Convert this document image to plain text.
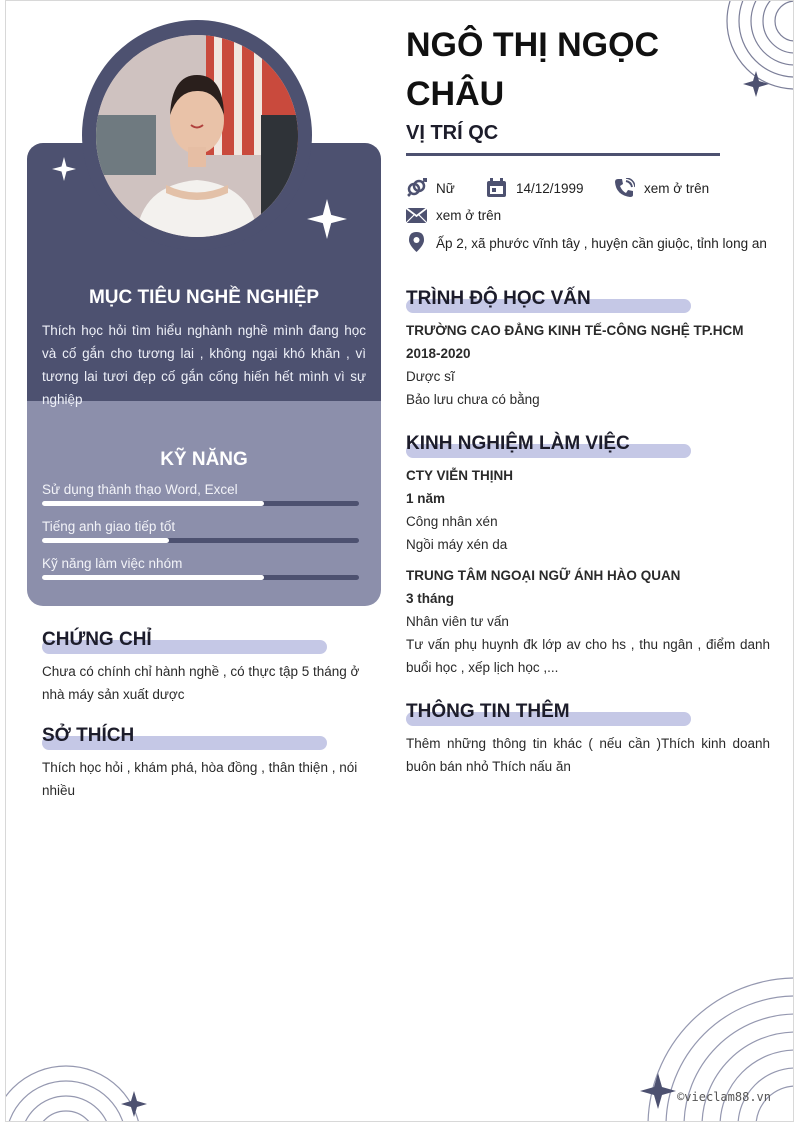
MỤC TIÊU NGHỀ NGHIỆP
Thích học hỏi tìm hiểu nghành nghề mình đang học và cố gắn cho tương lai , không ngại khó khăn , vì tương lai tươi đẹp cố gắn cống hiến hết mình vì sự nghiệp
KỸ NĂNG
Sử dụng thành thạo Word, Excel
Tiếng anh giao tiếp tốt
Kỹ năng làm việc nhóm
CHỨNG CHỈ
Chưa có chính chỉ hành nghề , có thực tập 5 tháng ở nhà máy sản xuất dược
SỞ THÍCH
Thích học hỏi , khám phá, hòa đồng , thân thiện , nói nhiều
NGÔ THỊ NGỌC CHÂU
VỊ TRÍ QC
Nữ	14/12/1999	xem ở trên
xem ở trên
Ấp 2, xã phước vĩnh tây , huyện cần giuộc, tỉnh long an
TRÌNH ĐỘ HỌC VẤN
TRƯỜNG CAO ĐẲNG KINH TẾ-CÔNG NGHỆ TP.HCM
2018-2020
Dược sĩ
Bảo lưu chưa có bằng
KINH NGHIỆM LÀM VIỆC
CTY VIỄN THỊNH
1 năm
Công nhân xén
Ngồi máy xén da
TRUNG TÂM NGOẠI NGỮ ÁNH HÀO QUAN
3 tháng
Nhân viên tư vấn
Tư vấn phụ huynh đk lớp av cho hs , thu ngân , điểm danh buổi học , xếp lịch học ,...
THÔNG TIN THÊM
Thêm những thông tin khác ( nếu cần )Thích kinh doanh buôn bán nhỏ Thích nấu ăn
©vieclam88.vn
